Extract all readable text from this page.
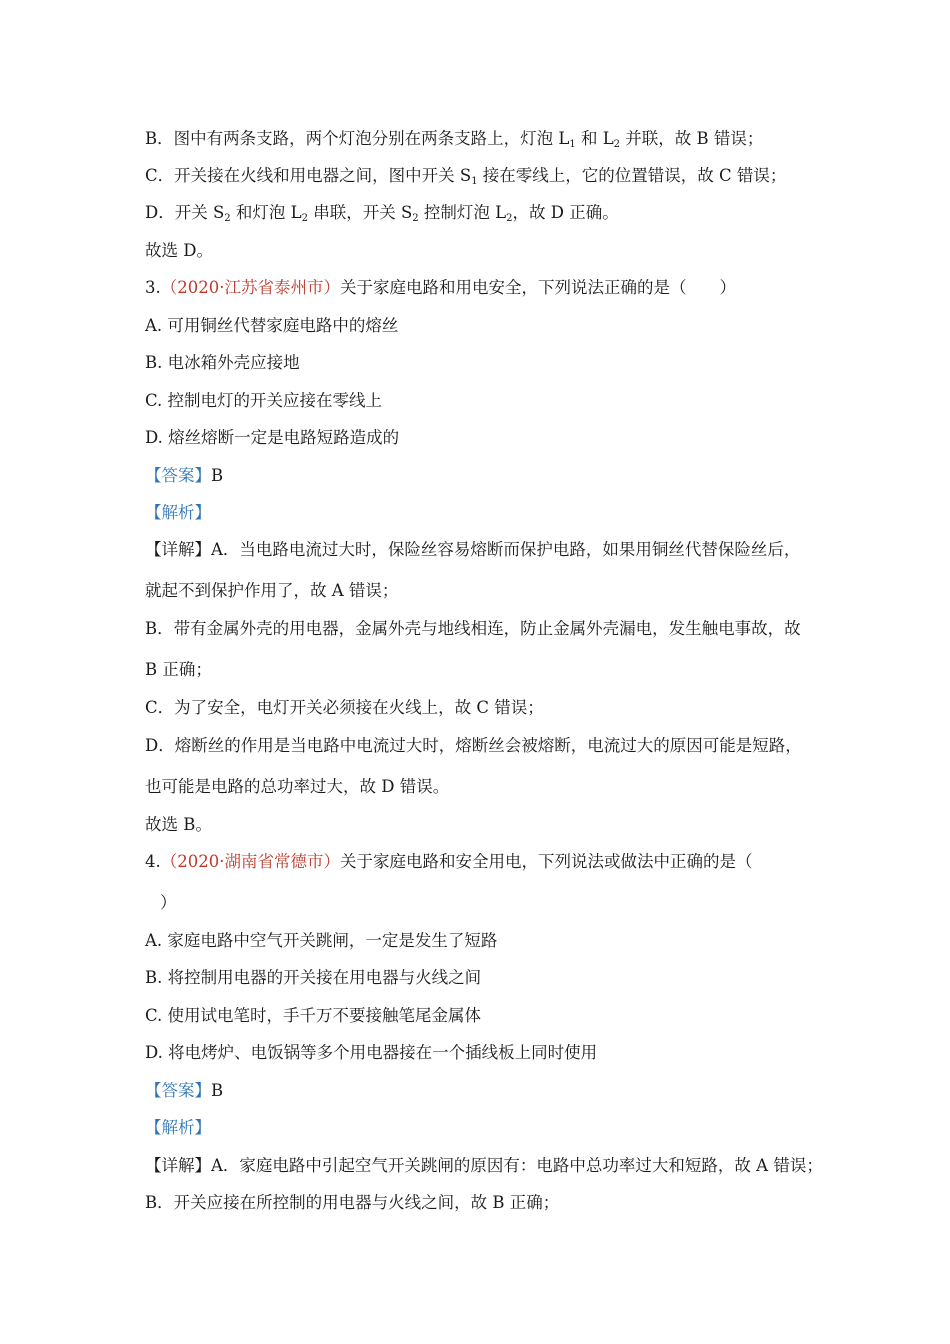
B．图中有两条支路，两个灯泡分别在两条支路上，灯泡 $L_1$ 和 $L_2$ 并联，故 B 错误；
C．开关接在火线和用电器之间，图中开关 $S_1$ 接在零线上，它的位置错误，故 C 错误；
D．开关 $S_2$ 和灯泡 $L_2$ 串联，开关 $S_2$ 控制灯泡 $L_2$，故 D 正确。
故选 D。
3.（2020·江苏省泰州市）关于家庭电路和用电安全，下列说法正确的是（　　）
A. 可用铜丝代替家庭电路中的熔丝
B. 电冰箱外壳应接地
C. 控制电灯的开关应接在零线上
D. 熔丝熔断一定是电路短路造成的
【答案】B
【解析】
【详解】A．当电路电流过大时，保险丝容易熔断而保护电路，如果用铜丝代替保险丝后，
就起不到保护作用了，故 A 错误；
B．带有金属外壳的用电器，金属外壳与地线相连，防止金属外壳漏电，发生触电事故，故
B 正确；
C．为了安全，电灯开关必须接在火线上，故 C 错误；
D．熔断丝的作用是当电路中电流过大时，熔断丝会被熔断，电流过大的原因可能是短路，
也可能是电路的总功率过大，故 D 错误。
故选 B。
4.（2020·湖南省常德市）关于家庭电路和安全用电，下列说法或做法中正确的是（
）
A. 家庭电路中空气开关跳闸，一定是发生了短路
B. 将控制用电器的开关接在用电器与火线之间
C. 使用试电笔时，手千万不要接触笔尾金属体
D. 将电烤炉、电饭锅等多个用电器接在一个插线板上同时使用
【答案】B
【解析】
【详解】A．家庭电路中引起空气开关跳闸的原因有：电路中总功率过大和短路，故 A 错误；
B．开关应接在所控制的用电器与火线之间，故 B 正确；
